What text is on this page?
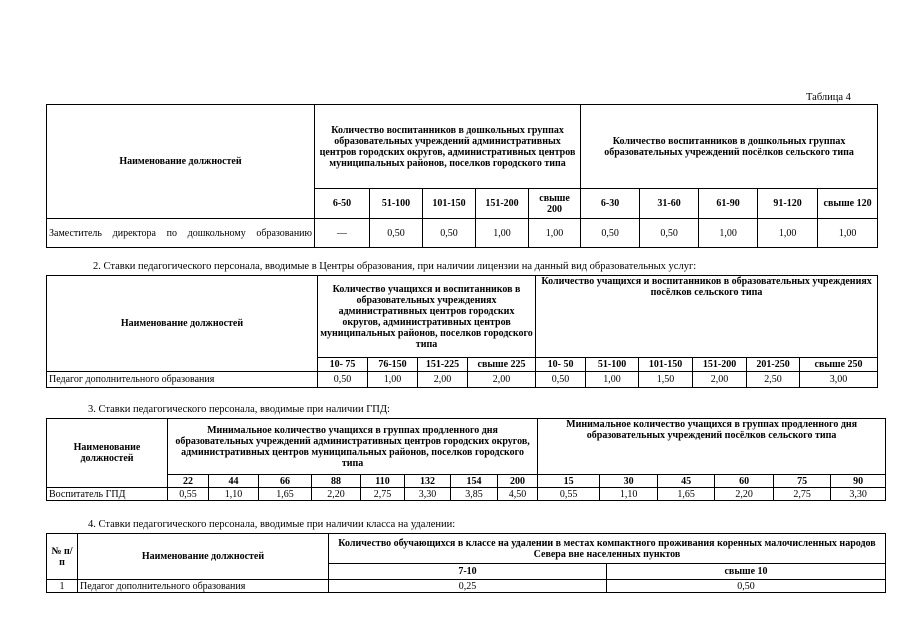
Таблица 4
Наименование должностей	Количество воспитанников в дошкольных группах образовательных учреждений административных центров городских округов, административных центров муниципальных районов, поселков городского типа					Количество воспитанников в дошкольных группах образовательных учреждений посёлков сельского типа				
	6-50	51-100	101-150	151-200	свыше 200	6-30	31-60	61-90	91-120	свыше 120
Заместитель директора по дошкольному образованию	—	0,50	0,50	1,00	1,00	0,50	0,50	1,00	1,00	1,00
2. Ставки педагогического персонала, вводимые в Центры образования, при наличии лицензии на данный вид образовательных услуг:
Наименование должностей	Количество учащихся и воспитанников в образовательных учреждениях административных центров городских округов, административных центров муниципальных районов, поселков городского типа				Количество учащихся и воспитанников в образовательных учреждениях посёлков сельского типа					
	10- 75	76-150	151-225	свыше 225	10- 50	51-100	101-150	151-200	201-250	свыше 250
Педагог дополнительного образования	0,50	1,00	2,00	2,00	0,50	1,00	1,50	2,00	2,50	3,00
3. Ставки педагогического персонала, вводимые при наличии ГПД:
Наименование должностей	Минимальное количество учащихся в группах продленного дня образовательных учреждений административных центров городских округов, административных центров муниципальных районов, поселков городского типа								Минимальное количество учащихся в группах продленного дня образовательных учреждений посёлков сельского типа					
	22	44	66	88	110	132	154	200	15	30	45	60	75	90
Воспитатель ГПД	0,55	1,10	1,65	2,20	2,75	3,30	3,85	4,50	0,55	1,10	1,65	2,20	2,75	3,30
4. Ставки педагогического персонала, вводимые при наличии класса на удалении:
№ п/п	Наименование должностей	Количество обучающихся в классе на удалении в местах компактного проживания коренных малочисленных народов Севера вне населенных пунктов	
		7-10	свыше 10
1	Педагог дополнительного образования	0,25	0,50
